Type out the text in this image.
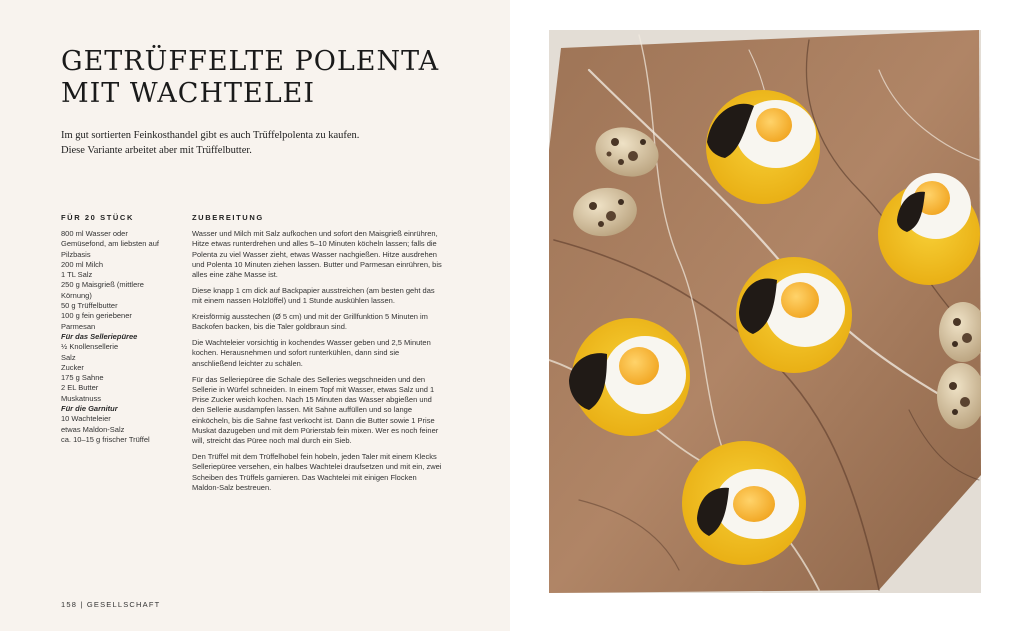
GETRÜFFELTE POLENTA
MIT WACHTELEI
Im gut sortierten Feinkosthandel gibt es auch Trüffelpolenta zu kaufen.
Diese Variante arbeitet aber mit Trüffelbutter.
FÜR 20 STÜCK	ZUBEREITUNG

800 ml Wasser oder Gemüsefond, am liebsten auf Pilzbasis

200 ml Milch

1 TL Salz

250 g Maisgrieß (mittlere Körnung)

50 g Trüffelbutter

100 g fein geriebener Parmesan

Für das Selleriepüree

½ Knollensellerie

Salz

Zucker

175 g Sahne

2 EL Butter

Muskatnuss

Für die Garnitur

10 Wachteleier

etwas Maldon-Salz

ca. 10–15 g frischer Trüffel

Wasser und Milch mit Salz aufkochen und sofort den Maisgrieß einrühren, Hitze etwas runterdrehen und alles 5–10 Minuten köcheln lassen; falls die Polenta zu viel Wasser zieht, etwas Wasser nachgießen. Hitze ausdrehen und Polenta 10 Minuten ziehen lassen. Butter und Parmesan einrühren, bis alles eine zähe Masse ist.

Diese knapp 1 cm dick auf Backpapier ausstreichen (am besten geht das mit einem nassen Holzlöffel) und 1 Stunde auskühlen lassen.

Kreisförmig ausstechen (Ø 5 cm) und mit der Grillfunktion 5 Minuten im Backofen backen, bis die Taler goldbraun sind.

Die Wachteleier vorsichtig in kochendes Wasser geben und 2,5 Minuten kochen. Herausnehmen und sofort runterkühlen, dann sind sie anschließend leichter zu schälen.

Für das Selleriepüree die Schale des Selleries wegschneiden und den Sellerie in Würfel schneiden. In einem Topf mit Wasser, etwas Salz und 1 Prise Zucker weich kochen. Nach 15 Minuten das Wasser abgießen und den Sellerie ausdampfen lassen. Mit Sahne auffüllen und so lange einköcheln, bis die Sahne fast verkocht ist. Dann die Butter sowie 1 Prise Muskat dazugeben und mit dem Pürierstab fein mixen. Wer es noch feiner will, streicht das Püree noch mal durch ein Sieb.

Den Trüffel mit dem Trüffelhobel fein hobeln, jeden Taler mit einem Klecks Selleriepüree versehen, ein halbes Wachtelei draufsetzen und mit ein, zwei Scheiben des Trüffels garnieren. Das Wachtelei mit einigen Flocken Maldon-Salz bestreuen.

158 | GESELLSCHAFT
